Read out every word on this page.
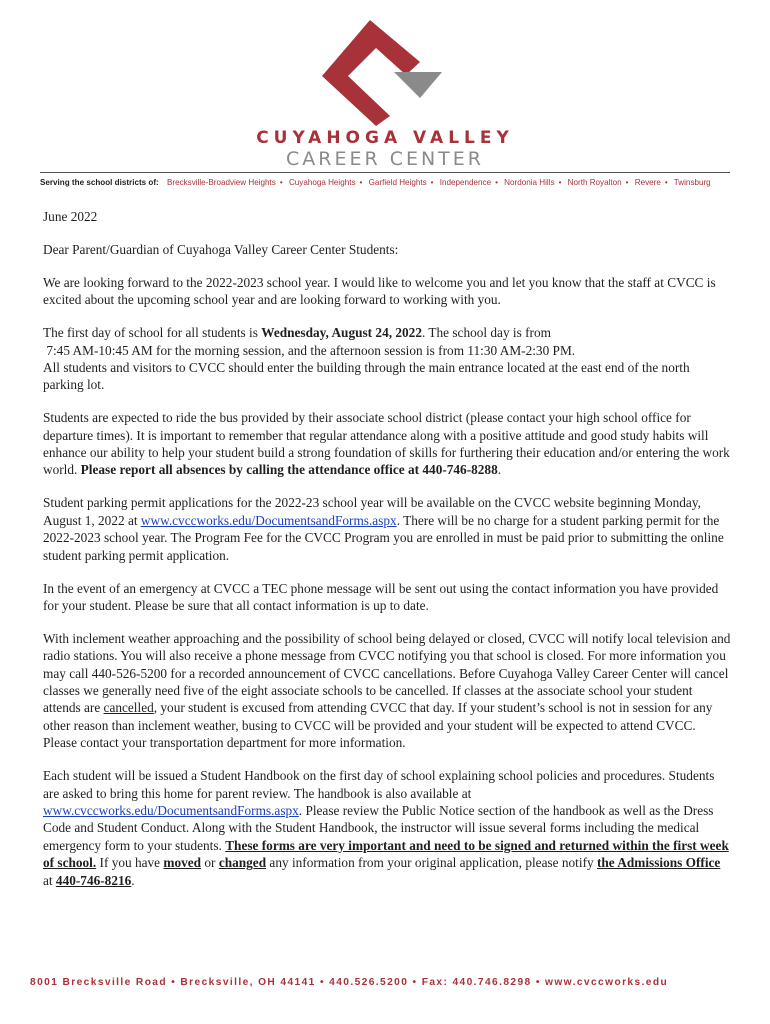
CUYAHOGA VALLEY
CAREER CENTER
Serving the school districts of: Brecksville-Broadview Heights • Cuyahoga Heights • Garfield Heights • Independence • Nordonia Hills • North Royalton • Revere • Twinsburg

June 2022

Dear Parent/Guardian of Cuyahoga Valley Career Center Students:

We are looking forward to the 2022-2023 school year. I would like to welcome you and let you know that the staff at CVCC is excited about the upcoming school year and are looking forward to working with you.

The first day of school for all students is Wednesday, August 24, 2022. The school day is from
7:45 AM-10:45 AM for the morning session, and the afternoon session is from 11:30 AM-2:30 PM.
All students and visitors to CVCC should enter the building through the main entrance located at the east end of the north parking lot.

Students are expected to ride the bus provided by their associate school district (please contact your high school office for departure times). It is important to remember that regular attendance along with a positive attitude and good study habits will enhance our ability to help your student build a strong foundation of skills for furthering their education and/or entering the work world. Please report all absences by calling the attendance office at 440-746-8288.

Student parking permit applications for the 2022-23 school year will be available on the CVCC website beginning Monday, August 1, 2022 at www.cvccworks.edu/DocumentsandForms.aspx. There will be no charge for a student parking permit for the 2022-2023 school year. The Program Fee for the CVCC Program you are enrolled in must be paid prior to submitting the online student parking permit application.

In the event of an emergency at CVCC a TEC phone message will be sent out using the contact information you have provided for your student. Please be sure that all contact information is up to date.

With inclement weather approaching and the possibility of school being delayed or closed, CVCC will notify local television and radio stations. You will also receive a phone message from CVCC notifying you that school is closed. For more information you may call 440-526-5200 for a recorded announcement of CVCC cancellations. Before Cuyahoga Valley Career Center will cancel classes we generally need five of the eight associate schools to be cancelled. If classes at the associate school your student attends are cancelled, your student is excused from attending CVCC that day. If your student’s school is not in session for any other reason than inclement weather, busing to CVCC will be provided and your student will be expected to attend CVCC. Please contact your transportation department for more information.

Each student will be issued a Student Handbook on the first day of school explaining school policies and procedures. Students are asked to bring this home for parent review. The handbook is also available at www.cvccworks.edu/DocumentsandForms.aspx. Please review the Public Notice section of the handbook as well as the Dress Code and Student Conduct. Along with the Student Handbook, the instructor will issue several forms including the medical emergency form to your students. These forms are very important and need to be signed and returned within the first week of school. If you have moved or changed any information from your original application, please notify the Admissions Office at 440-746-8216.

8001 Brecksville Road • Brecksville, OH 44141 • 440.526.5200 • Fax: 440.746.8298 • www.cvccworks.edu
